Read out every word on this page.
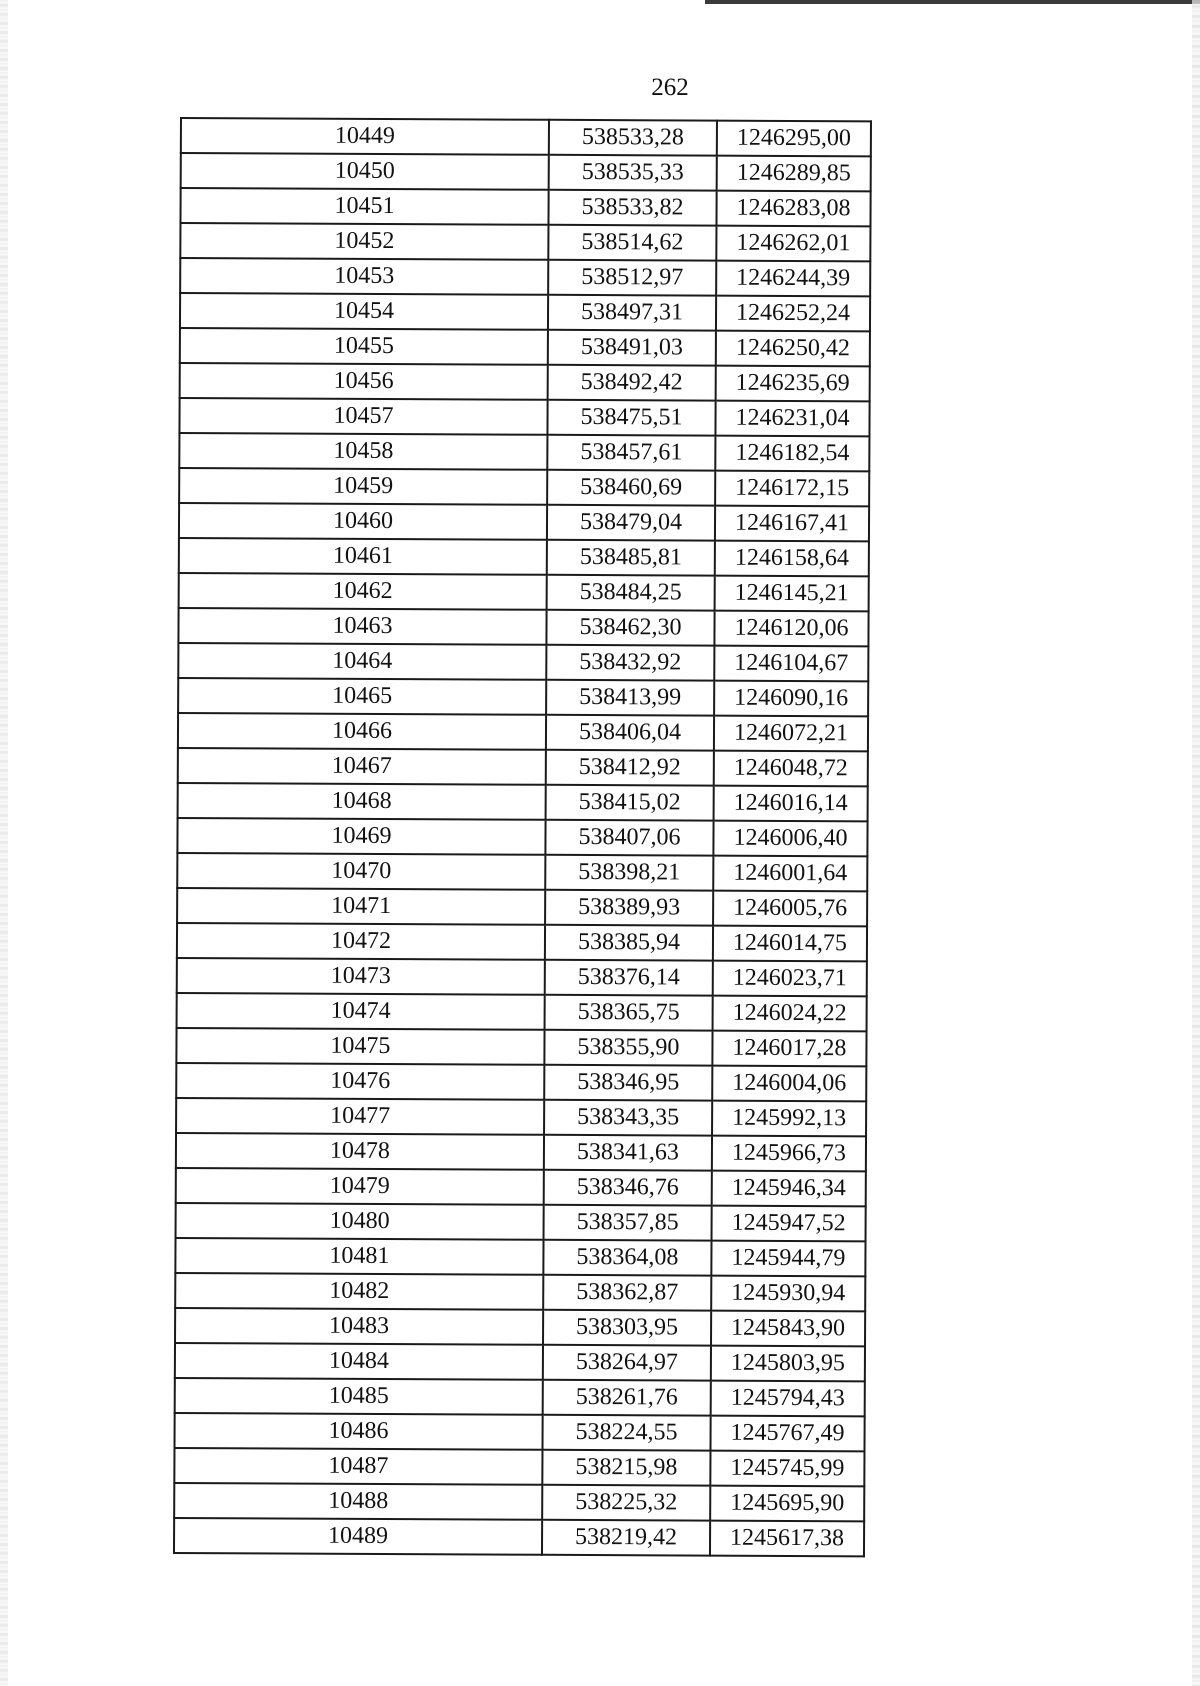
262
10449	538533,28	1246295,00
10450	538535,33	1246289,85
10451	538533,82	1246283,08
10452	538514,62	1246262,01
10453	538512,97	1246244,39
10454	538497,31	1246252,24
10455	538491,03	1246250,42
10456	538492,42	1246235,69
10457	538475,51	1246231,04
10458	538457,61	1246182,54
10459	538460,69	1246172,15
10460	538479,04	1246167,41
10461	538485,81	1246158,64
10462	538484,25	1246145,21
10463	538462,30	1246120,06
10464	538432,92	1246104,67
10465	538413,99	1246090,16
10466	538406,04	1246072,21
10467	538412,92	1246048,72
10468	538415,02	1246016,14
10469	538407,06	1246006,40
10470	538398,21	1246001,64
10471	538389,93	1246005,76
10472	538385,94	1246014,75
10473	538376,14	1246023,71
10474	538365,75	1246024,22
10475	538355,90	1246017,28
10476	538346,95	1246004,06
10477	538343,35	1245992,13
10478	538341,63	1245966,73
10479	538346,76	1245946,34
10480	538357,85	1245947,52
10481	538364,08	1245944,79
10482	538362,87	1245930,94
10483	538303,95	1245843,90
10484	538264,97	1245803,95
10485	538261,76	1245794,43
10486	538224,55	1245767,49
10487	538215,98	1245745,99
10488	538225,32	1245695,90
10489	538219,42	1245617,38
